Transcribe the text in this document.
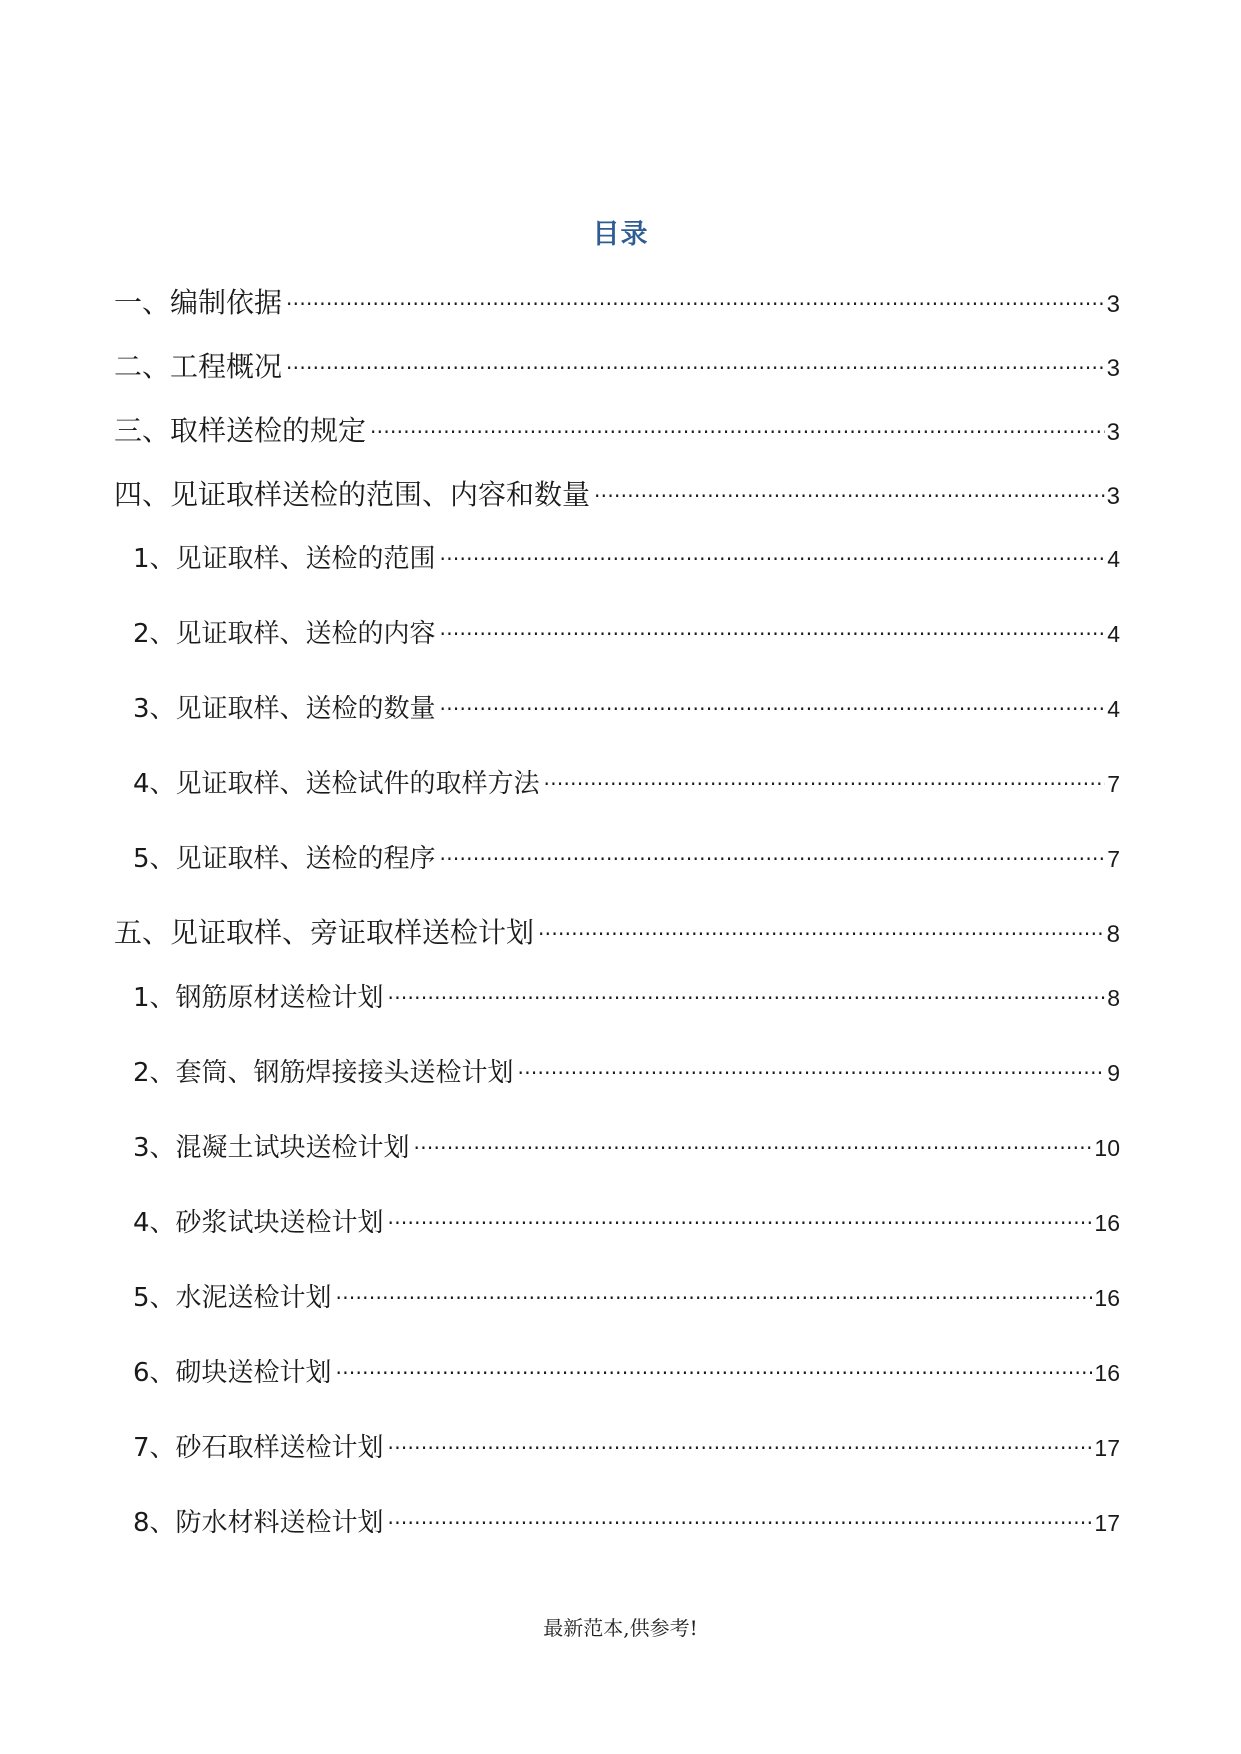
目录
一、编制依据 .....	3
二、工程概况 .....	3
三、取样送检的规定 .....	3
四、见证取样送检的范围、内容和数量 .....	3
1、见证取样、送检的范围 .....	4
2、见证取样、送检的内容 .....	4
3、见证取样、送检的数量 .....	4
4、见证取样、送检试件的取样方法 .....	7
5、见证取样、送检的程序 .....	7
五、见证取样、旁证取样送检计划 .....	8
1、钢筋原材送检计划 .....	8
2、套筒、钢筋焊接接头送检计划 .....	9
3、混凝土试块送检计划 .....	10
4、砂浆试块送检计划 .....	16
5、水泥送检计划 .....	16
6、砌块送检计划 .....	16
7、砂石取样送检计划 .....	17
8、防水材料送检计划 .....	17
最新范本,供参考!
